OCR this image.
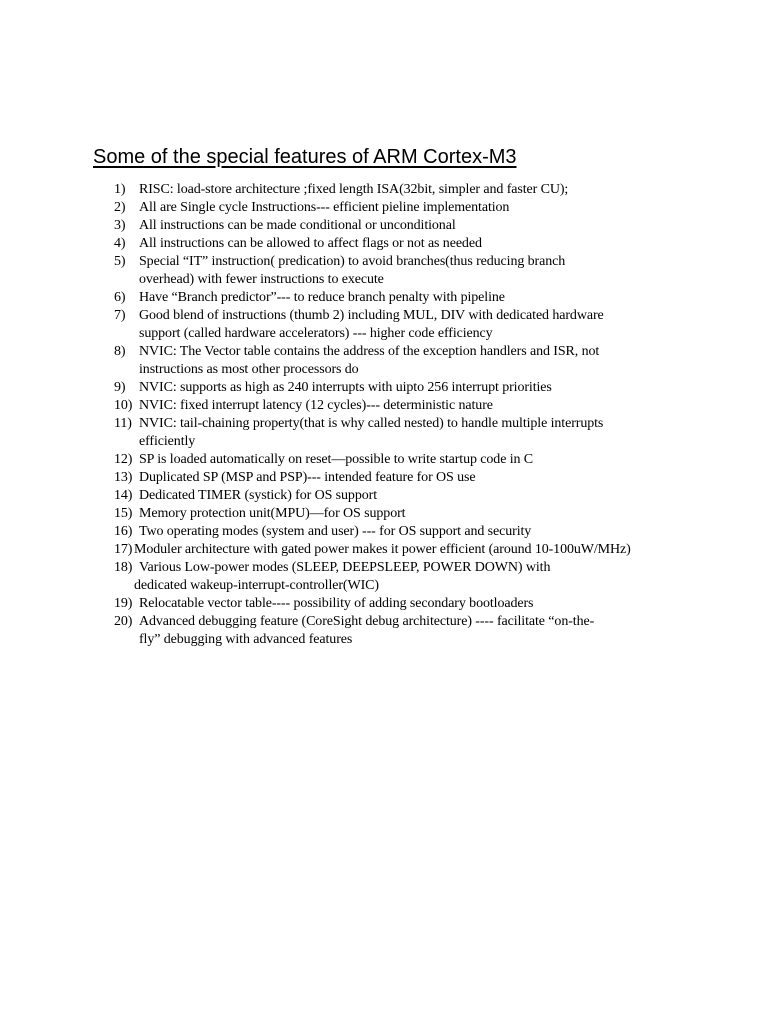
Some of the special features of ARM Cortex-M3
1) RISC: load-store architecture ;fixed length ISA(32bit, simpler and faster CU);
2) All are Single cycle Instructions--- efficient pieline implementation
3) All instructions can be made conditional or unconditional
4) All instructions can be allowed to affect flags or not as needed
5) Special “IT” instruction( predication) to avoid branches(thus reducing branch
overhead) with fewer instructions to execute
6) Have “Branch predictor”--- to reduce branch penalty with pipeline
7) Good blend of instructions (thumb 2) including MUL, DIV with dedicated hardware
support (called hardware accelerators) --- higher code efficiency
8) NVIC: The Vector table contains the address of the exception handlers and ISR, not
instructions as most other processors do
9) NVIC: supports as high as 240 interrupts with uipto 256 interrupt priorities
10) NVIC: fixed interrupt latency (12 cycles)--- deterministic nature
11) NVIC: tail-chaining property(that is why called nested) to handle multiple interrupts
efficiently
12) SP is loaded automatically on reset—possible to write startup code in C
13) Duplicated SP (MSP and PSP)--- intended feature for OS use
14) Dedicated TIMER (systick) for OS support
15) Memory protection unit(MPU)—for OS support
16) Two operating modes (system and user) --- for OS support and security
17) Moduler architecture with gated power makes it power efficient (around 10-100uW/MHz)
18) Various Low-power modes (SLEEP, DEEPSLEEP, POWER DOWN) with
dedicated wakeup-interrupt-controller(WIC)
19) Relocatable vector table---- possibility of adding secondary bootloaders
20) Advanced debugging feature (CoreSight debug architecture) ---- facilitate “on-the-
fly” debugging with advanced features
